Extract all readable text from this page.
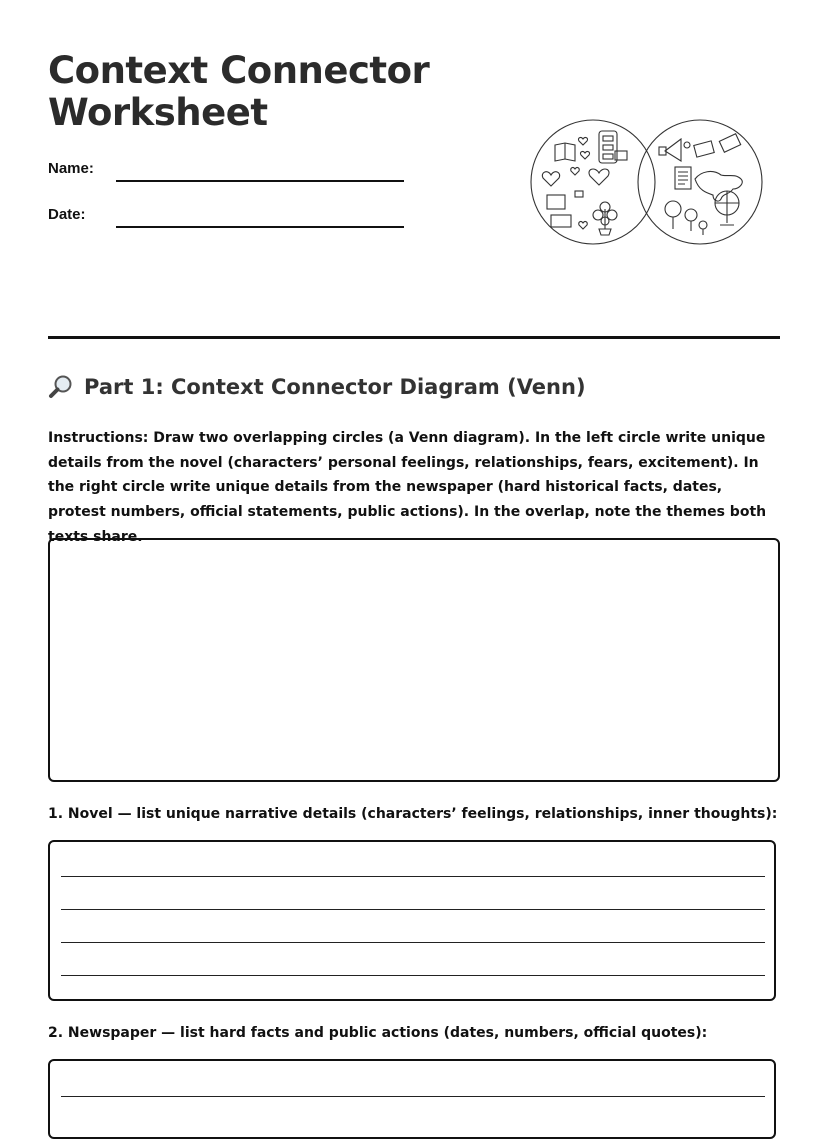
Context Connector Worksheet
Name:
Date:
Part 1: Context Connector Diagram (Venn)

Instructions: Draw two overlapping circles (a Venn diagram). In the left circle write unique details from the novel (characters’ personal feelings, relationships, fears, excitement). In the right circle write unique details from the newspaper (hard historical facts, dates, protest numbers, official statements, public actions). In the overlap, note the themes both texts share.

1. Novel — list unique narrative details (characters’ feelings, relationships, inner thoughts):

2. Newspaper — list hard facts and public actions (dates, numbers, official quotes):
